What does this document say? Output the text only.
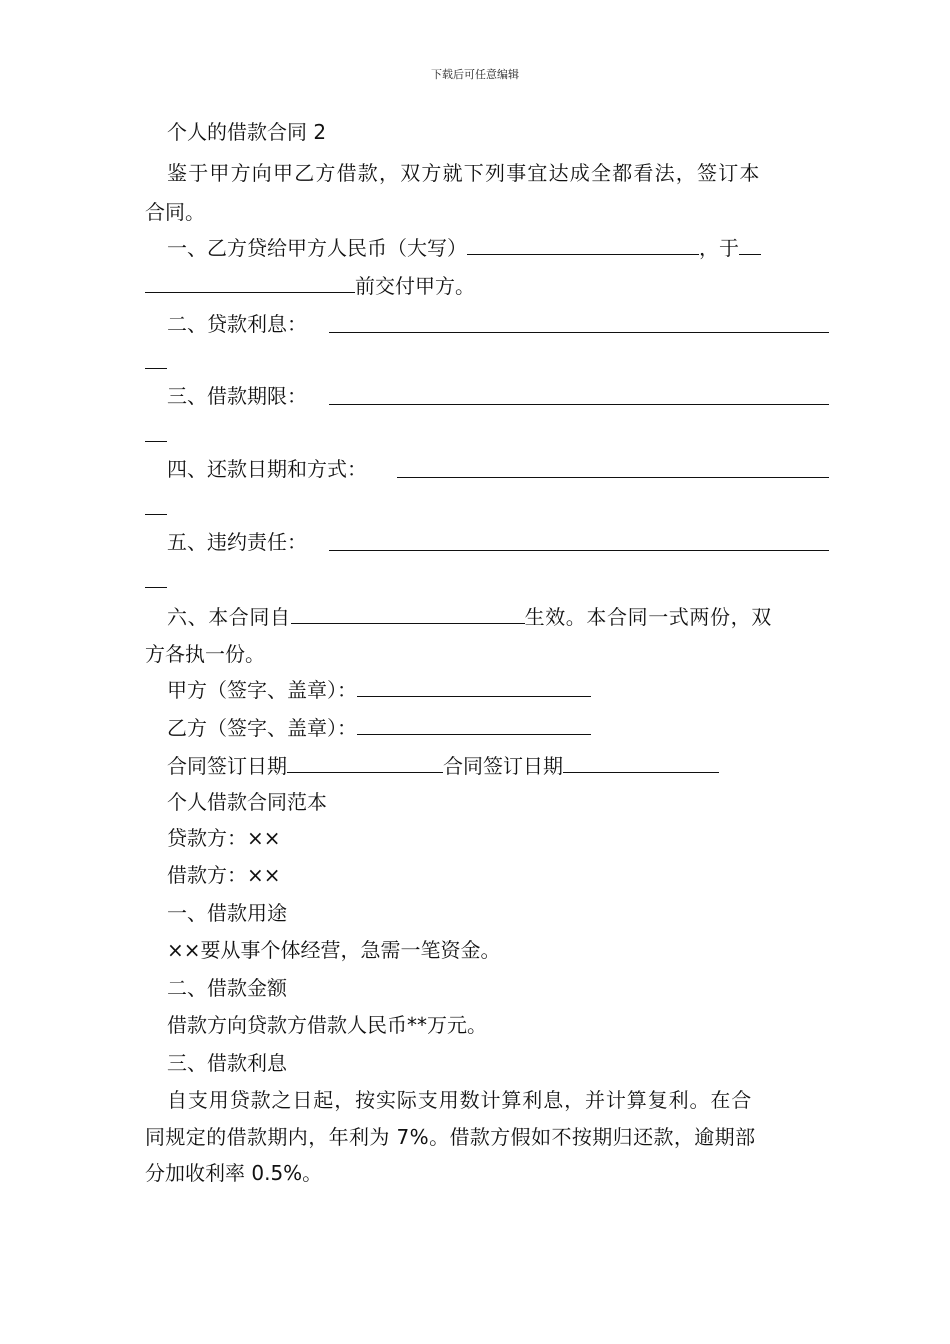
下载后可任意编辑
个人的借款合同 2
鉴于甲方向甲乙方借款，双方就下列事宜达成全都看法，签订本
合同。
一、乙方贷给甲方人民币（大写）	，于
前交付甲方。
二、贷款利息：
三、借款期限：
四、还款日期和方式：
五、违约责任：
六、本合同自	生效。本合同一式两份，双
方各执一份。
甲方（签字、盖章）：
乙方（签字、盖章）：
合同签订日期	合同签订日期
个人借款合同范本
贷款方：××
借款方：××
一、借款用途
××要从事个体经营，急需一笔资金。
二、借款金额
借款方向贷款方借款人民币**万元。
三、借款利息
自支用贷款之日起，按实际支用数计算利息，并计算复利。在合
同规定的借款期内，年利为 7%。借款方假如不按期归还款，逾期部
分加收利率 0.5%。
